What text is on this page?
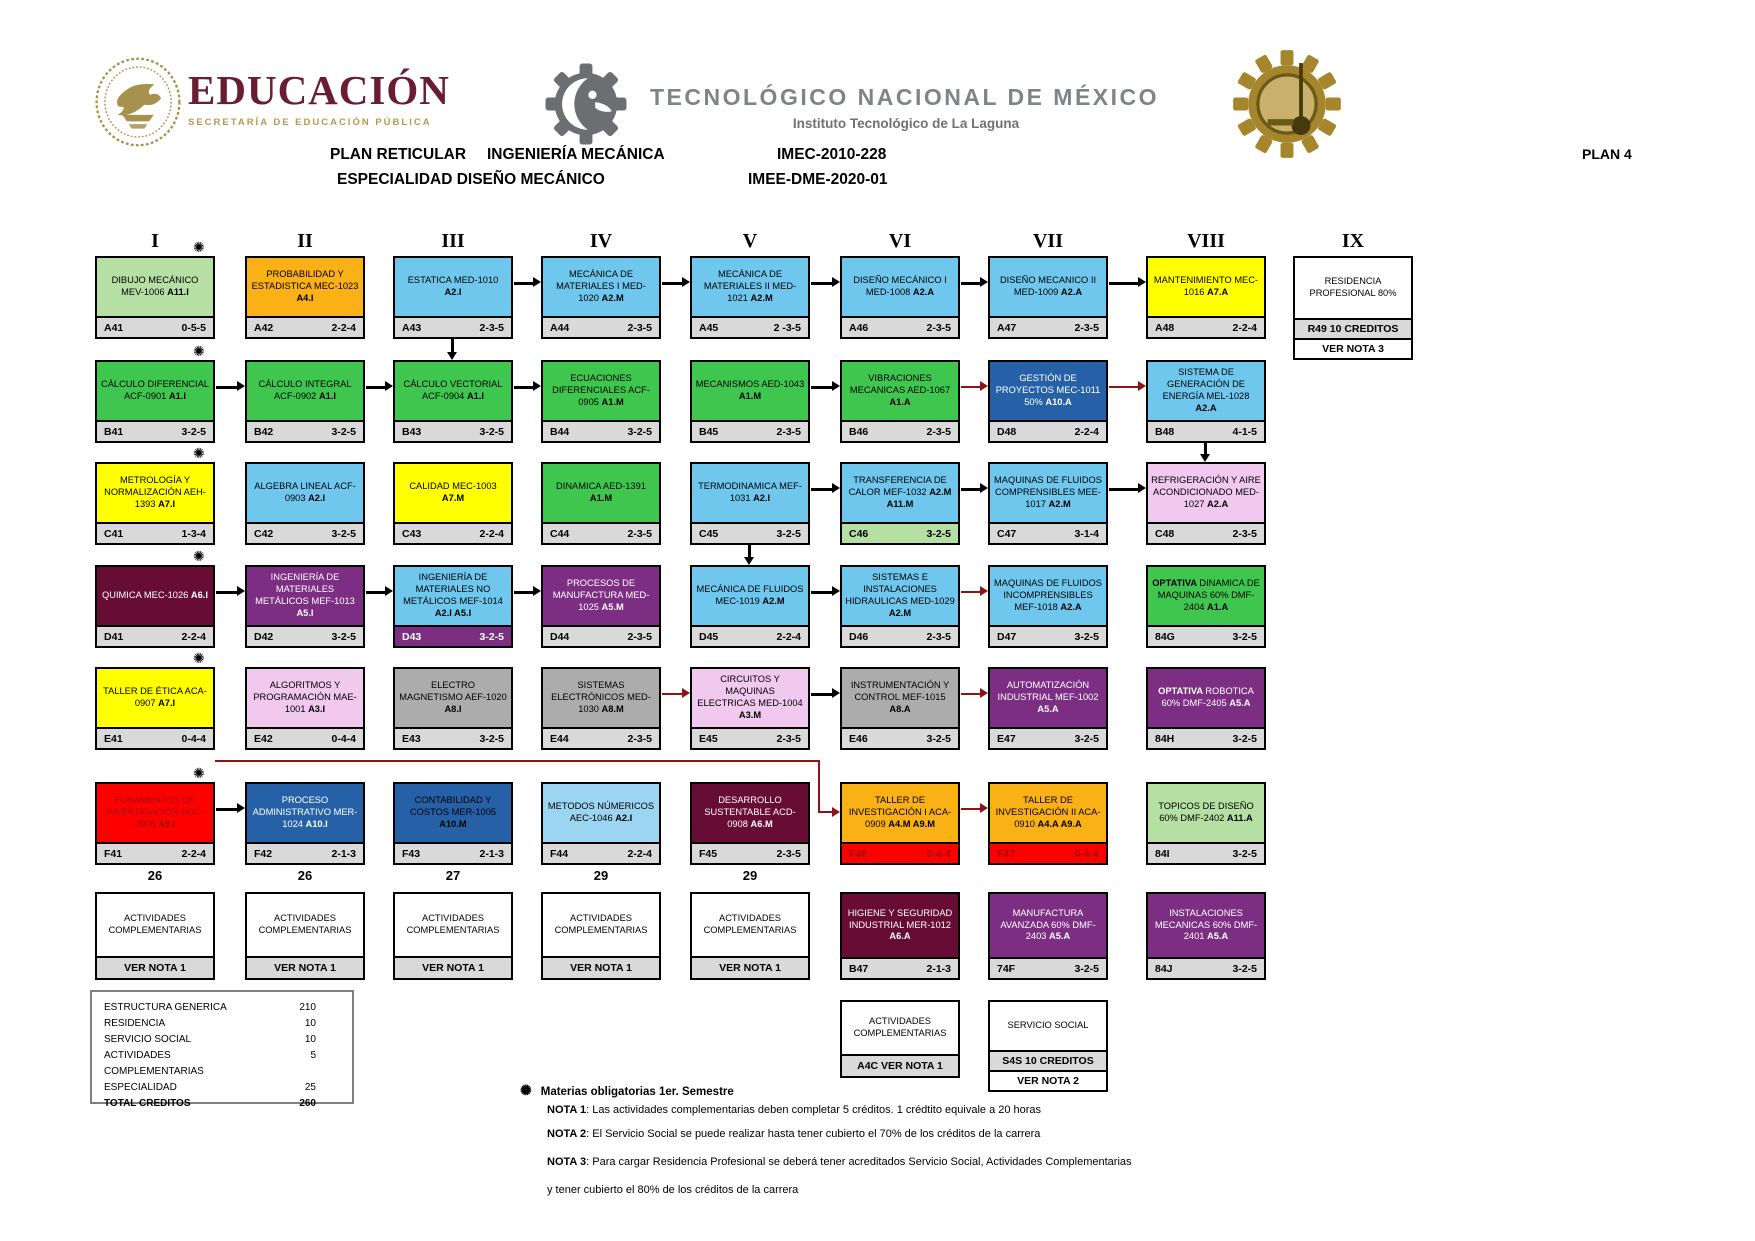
EDUCACIÓN
SECRETARÍA DE EDUCACIÓN PÚBLICA
TECNOLÓGICO NACIONAL DE MÉXICO
Instituto Tecnológico de La Laguna
PLAN RETICULAR INGENIERÍA MECÁNICA	IMEC-2010-228
ESPECIALIDAD DISEÑO MECÁNICO	IMEE-DME-2020-01
PLAN 4
ESTRUCTURA GENERICA	210
RESIDENCIA	10
SERVICIO SOCIAL	10
ACTIVIDADES COMPLEMENTARIAS
5
ESPECIALIDAD	25
TOTAL CREDITOS	260
✺ Materias obligatorias 1er. Semestre
NOTA 1: Las actividades complementarias deben completar 5 créditos. 1 crédtito equivale a 20 horas
NOTA 2: El Servicio Social se puede realizar hasta tener cubierto el 70% de los créditos de la carrera
NOTA 3: Para cargar Residencia Profesional se deberá tener acreditados Servicio Social, Actividades Complementarias
y tener cubierto el 80% de los créditos de la carrera
I
DIBUJO MECÁNICO MEV-1006 A11.I
A41	0-5-5
✺
CÁLCULO DIFERENCIAL ACF-0901 A1.I
B41	3-2-5
✺
METROLOGÍA Y NORMALIZACIÓN AEH-1393 A7.I
C41	1-3-4
✺
QUIMICA MEC-1026 A6.I
D41	2-2-4
✺
TALLER DE ÉTICA ACA-0907 A7.I
E41	0-4-4
✺
FUNAMENTOS DE INVESTIGACIÓN ACC-0906 A9.I
F41	2-2-4
✺
26
ACTIVIDADES COMPLEMENTARIAS
VER NOTA 1
II
PROBABILIDAD Y ESTADISTICA MEC-1023 A4.I
A42	2-2-4
CÁLCULO INTEGRAL ACF-0902 A1.I
B42	3-2-5
ALGEBRA LINEAL ACF-0903 A2.I
C42	3-2-5
INGENIERÍA DE MATERIALES METÁLICOS MEF-1013 A5.I
D42	3-2-5
ALGORITMOS Y PROGRAMACIÓN MAE-1001 A3.I
E42	0-4-4
PROCESO ADMINISTRATIVO MER-1024 A10.I
F42	2-1-3
26
ACTIVIDADES COMPLEMENTARIAS
VER NOTA 1
III
ESTATICA MED-1010 A2.I
A43	2-3-5
CÁLCULO VECTORIAL ACF-0904 A1.I
B43	3-2-5
CALIDAD MEC-1003 A7.M
C43	2-2-4
INGENIERÍA DE MATERIALES NO METÁLICOS MEF-1014 A2.I A5.I
D43	3-2-5
ELECTRO MAGNETISMO AEF-1020 A8.I
E43	3-2-5
CONTABILIDAD Y COSTOS MER-1005 A10.M
F43	2-1-3
27
ACTIVIDADES COMPLEMENTARIAS
VER NOTA 1
IV
MECÁNICA DE MATERIALES I MED-1020 A2.M
A44	2-3-5
ECUACIONES DIFERENCIALES ACF-0905 A1.M
B44	3-2-5
DINAMICA AED-1391 A1.M
C44	2-3-5
PROCESOS DE MANUFACTURA MED-1025 A5.M
D44	2-3-5
SISTEMAS ELECTRÓNICOS MED-1030 A8.M
E44	2-3-5
METODOS NÚMERICOS AEC-1046 A2.I
F44	2-2-4
29
ACTIVIDADES COMPLEMENTARIAS
VER NOTA 1
V
MECÁNICA DE MATERIALES II MED-1021 A2.M
A45	2 -3-5
MECANISMOS AED-1043 A1.M
B45	2-3-5
TERMODINAMICA MEF-1031 A2.I
C45	3-2-5
MECÁNICA DE FLUIDOS MEC-1019 A2.M
D45	2-2-4
CIRCUITOS Y MAQUINAS ELECTRICAS MED-1004 A3.M
E45	2-3-5
DESARROLLO SUSTENTABLE ACD-0908 A6.M
F45	2-3-5
29
ACTIVIDADES COMPLEMENTARIAS
VER NOTA 1
VI
DISEÑO MECÁNICO I MED-1008 A2.A
A46	2-3-5
VIBRACIONES MECANICAS AED-1067 A1.A
B46	2-3-5
TRANSFERENCIA DE CALOR MEF-1032 A2.M A11.M
C46	3-2-5
SISTEMAS E INSTALACIONES HIDRAULICAS MED-1029 A2.M
D46	2-3-5
INSTRUMENTACIÓN Y CONTROL MEF-1015 A8.A
E46	3-2-5
TALLER DE INVESTIGACIÓN I ACA-0909 A4.M A9.M
F46	0-4-4
HIGIENE Y SEGURIDAD INDUSTRIAL MER-1012 A6.A
B47	2-1-3
ACTIVIDADES COMPLEMENTARIAS
A4C VER NOTA 1
VII
DISEÑO MECANICO II MED-1009 A2.A
A47	2-3-5
GESTIÓN DE PROYECTOS MEC-1011 50% A10.A
D48	2-2-4
MAQUINAS DE FLUIDOS COMPRENSIBLES MEE-1017 A2.M
C47	3-1-4
MAQUINAS DE FLUIDOS INCOMPRENSIBLES MEF-1018 A2.A
D47	3-2-5
AUTOMATIZACIÓN INDUSTRIAL MEF-1002 A5.A
E47	3-2-5
TALLER DE INVESTIGACIÓN II ACA-0910 A4.A A9.A
F47	0-4-4
MANUFACTURA AVANZADA 60% DMF-2403 A5.A
74F	3-2-5
SERVICIO SOCIAL
S4S 10 CREDITOS
VER NOTA 2
VIII
MANTENIMIENTO MEC-1016 A7.A
A48	2-2-4
SISTEMA DE GENERACIÓN DE ENERGÍA MEL-1028 A2.A
B48	4-1-5
REFRIGERACIÓN Y AIRE ACONDICIONADO MED-1027 A2.A
C48	2-3-5
OPTATIVA DINAMICA DE MAQUINAS 60% DMF-2404 A1.A
84G	3-2-5
OPTATIVA ROBOTICA 60% DMF-2405 A5.A
84H	3-2-5
TOPICOS DE DISEÑO 60% DMF-2402 A11.A
84I	3-2-5
INSTALACIONES MECANICAS 60% DMF-2401 A5.A
84J	3-2-5
IX
RESIDENCIA PROFESIONAL 80%
R49 10 CREDITOS
VER NOTA 3
